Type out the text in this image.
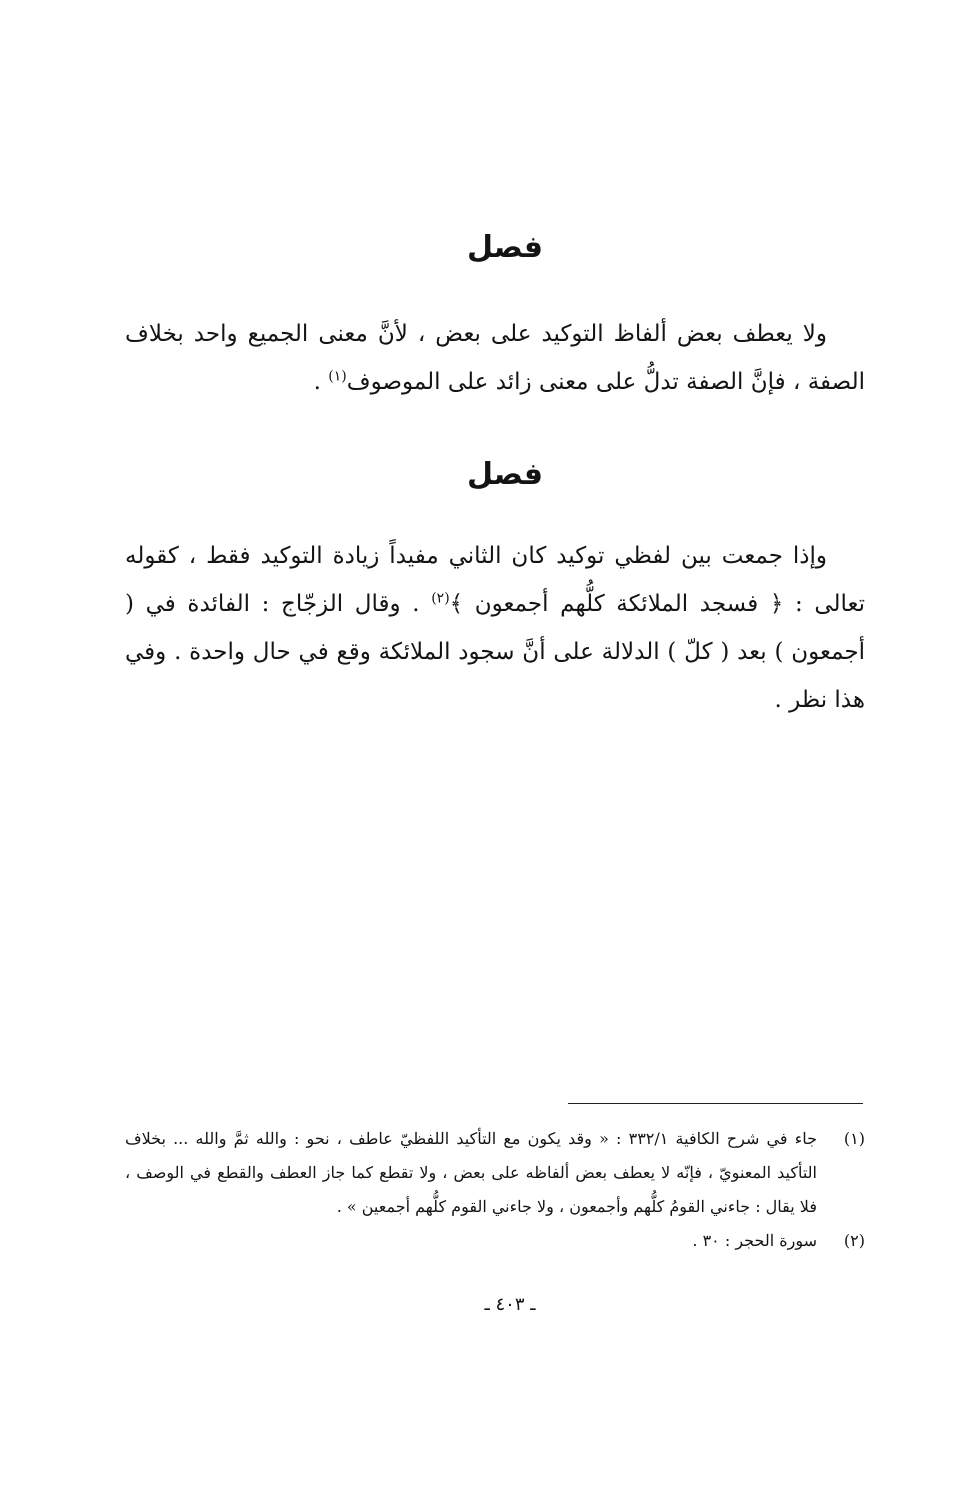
فصل

ولا يعطف بعض ألفاظ التوكيد على بعض ، لأنَّ معنى الجميع واحد بخلاف الصفة ، فإنَّ الصفة تدلُّ على معنى زائد على الموصوف$^{(١)}$ .

فصل

وإذا جمعت بين لفظي توكيد كان الثاني مفيداً زيادة التوكيد فقط ، كقوله تعالى : ﴿ فسجد الملائكة كلُّهم أجمعون ﴾$^{(٢)}$ . وقال الزجّاج : الفائدة في ( أجمعون ) بعد ( كلّ ) الدلالة على أنَّ سجود الملائكة وقع في حال واحدة . وفي هذا نظر .

(١)
جاء في شرح الكافية ٣٣٢/١ : « وقد يكون مع التأكيد اللفظيّ عاطف ، نحو : والله ثمَّ والله ... بخلاف التأكيد المعنويّ ، فإنّه لا يعطف بعض ألفاظه على بعض ، ولا تقطع كما جاز العطف والقطع في الوصف ، فلا يقال : جاءني القومُ كلُّهم وأجمعون ، ولا جاءني القوم كلُّهم أجمعين » .
(٢)
سورة الحجر : ٣٠ .
ـ ٤٠٣ ـ
